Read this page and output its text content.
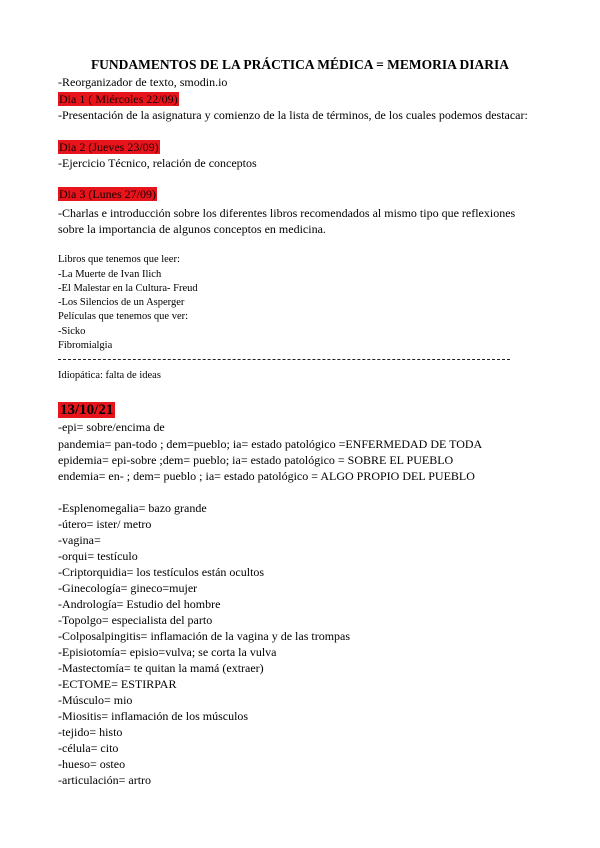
FUNDAMENTOS DE LA PRÁCTICA MÉDICA = MEMORIA DIARIA
-Reorganizador de texto, smodin.io
Dia 1 ( Miércoles 22/09)
-Presentación de la asignatura y comienzo de la lista de términos, de los cuales podemos destacar:
Dia 2 (Jueves 23/09)
-Ejercicio Técnico, relación de conceptos
Dia 3 (Lunes 27/09)
-Charlas e introducción sobre los diferentes libros recomendados al mismo tipo que reflexiones
sobre la importancia de algunos conceptos en medicina.
Libros que tenemos que leer:
-La Muerte de Ivan Ilich
-El Malestar en la Cultura- Freud
-Los Silencios de un Asperger
Películas que tenemos que ver:
-Sicko
Fibromialgia
Idiopática: falta de ideas
13/10/21
-epi= sobre/encima de
pandemia= pan-todo ; dem=pueblo; ia= estado patológico =ENFERMEDAD DE TODA
epidemia= epi-sobre ;dem= pueblo; ia= estado patológico = SOBRE EL PUEBLO
endemia= en- ; dem= pueblo ; ia= estado patológico = ALGO PROPIO DEL PUEBLO
-Esplenomegalia= bazo grande
-útero= ister/ metro
-vagina=
-orqui= testículo
-Criptorquidia= los testículos están ocultos
-Ginecología= gineco=mujer
-Andrología= Estudio del hombre
-Topolgo= especialista del parto
-Colposalpingitis= inflamación de la vagina y de las trompas
-Episiotomía= episio=vulva; se corta la vulva
-Mastectomía= te quitan la mamá (extraer)
-ECTOME= ESTIRPAR
-Músculo= mio
-Miositis= inflamación de los músculos
-tejido= histo
-célula= cito
-hueso= osteo
-articulación= artro
